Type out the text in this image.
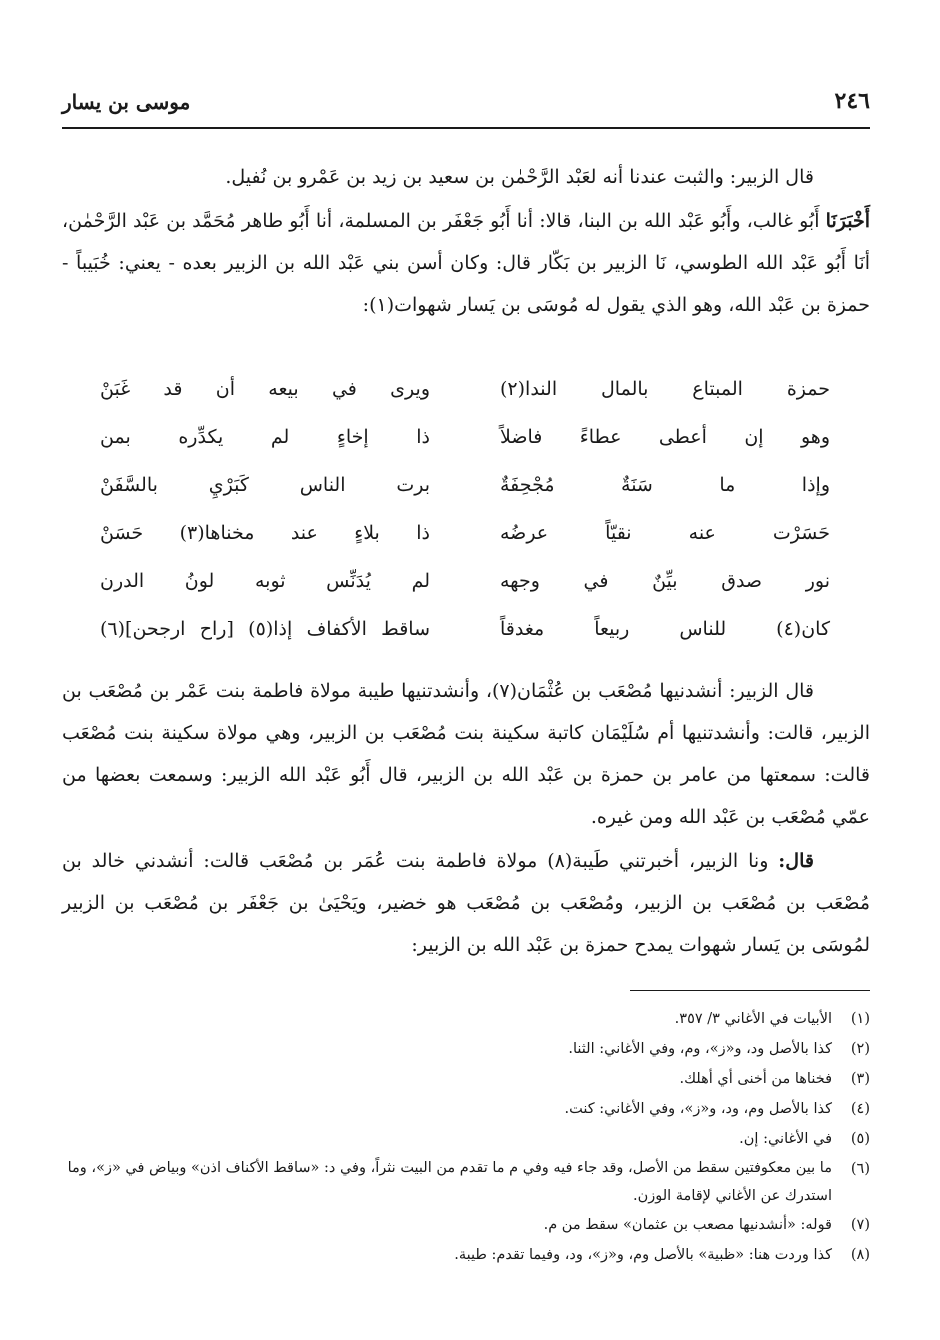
٢٤٦
موسى بن يسار
قال الزبير: والثبت عندنا أنه لعَبْد الرَّحْمٰن بن سعيد بن زيد بن عَمْرو بن نُفيل.
أَخْبَرَنَا أَبُو غالب، وأَبُو عَبْد الله بن البنا، قالا: أنا أَبُو جَعْفَر بن المسلمة، أنا أَبُو طاهر مُحَمَّد بن عَبْد الرَّحْمٰن، أنَا أَبُو عَبْد الله الطوسي، نَا الزبير بن بَكّار قال: وكان أسن بني عَبْد الله بن الزبير بعده - يعني: خُبَيباً - حمزة بن عَبْد الله، وهو الذي يقول له مُوسَى بن يَسار شهوات(١):
حمزة المبتاع بالمال الندا(٢)
ويرى في بيعه أن قد غَبَنْ
وهو إن أعطى عطاءً فاضلاً
ذا إخاءٍ لم يكدِّره بمن
وإذا ما سَنَةٌ مُجْحِفَةٌ
برت الناس كَبَرْيِ بالسَّفَنْ
حَسَرْت عنه نقيّاً عرضُه
ذا بلاءٍ عند مخناها(٣) حَسَنْ
نور صدق بيِّنٌ في وجهه
لم يُدَنِّس ثوبه لونُ الدرن
كان(٤) للناس ربيعاً مغدقاً
ساقط الأكفاف إذا(٥) [راح ارجحن](٦)
قال الزبير: أنشدنيها مُصْعَب بن عُثْمَان(٧)، وأنشدتنيها طيبة مولاة فاطمة بنت عَمْر بن مُصْعَب بن الزبير، قالت: وأنشدتنيها أم سُلَيْمَان كاتبة سكينة بنت مُصْعَب بن الزبير، وهي مولاة سكينة بنت مُصْعَب قالت: سمعتها من عامر بن حمزة بن عَبْد الله بن الزبير، قال أَبُو عَبْد الله الزبير: وسمعت بعضها من عمّي مُصْعَب بن عَبْد الله ومن غيره.
قال: ونا الزبير، أخبرتني طَيبة(٨) مولاة فاطمة بنت عُمَر بن مُصْعَب قالت: أنشدني خالد بن مُصْعَب بن مُصْعَب بن الزبير، ومُصْعَب بن مُصْعَب هو خضير، ويَحْيَىٰ بن جَعْفَر بن مُصْعَب بن الزبير لمُوسَى بن يَسار شهوات يمدح حمزة بن عَبْد الله بن الزبير:
(١)
الأبيات في الأغاني ٣/ ٣٥٧.
(٢)
كذا بالأصل ود، و«ز»، وم، وفي الأغاني: الثنا.
(٣)
فخناها من أخنى أي أهلك.
(٤)
كذا بالأصل وم، ود، و«ز»، وفي الأغاني: كنت.
(٥)
في الأغاني: إن.
(٦)
ما بين معكوفتين سقط من الأصل، وقد جاء فيه وفي م ما تقدم من البيت نثراً، وفي د: «ساقط الأكناف اذن» وبياض في «ز»، وما استدرك عن الأغاني لإقامة الوزن.
(٧)
قوله: «أنشدنيها مصعب بن عثمان» سقط من م.
(٨)
كذا وردت هنا: «ظبية» بالأصل وم، و«ز»، ود، وفيما تقدم: طيبة.
